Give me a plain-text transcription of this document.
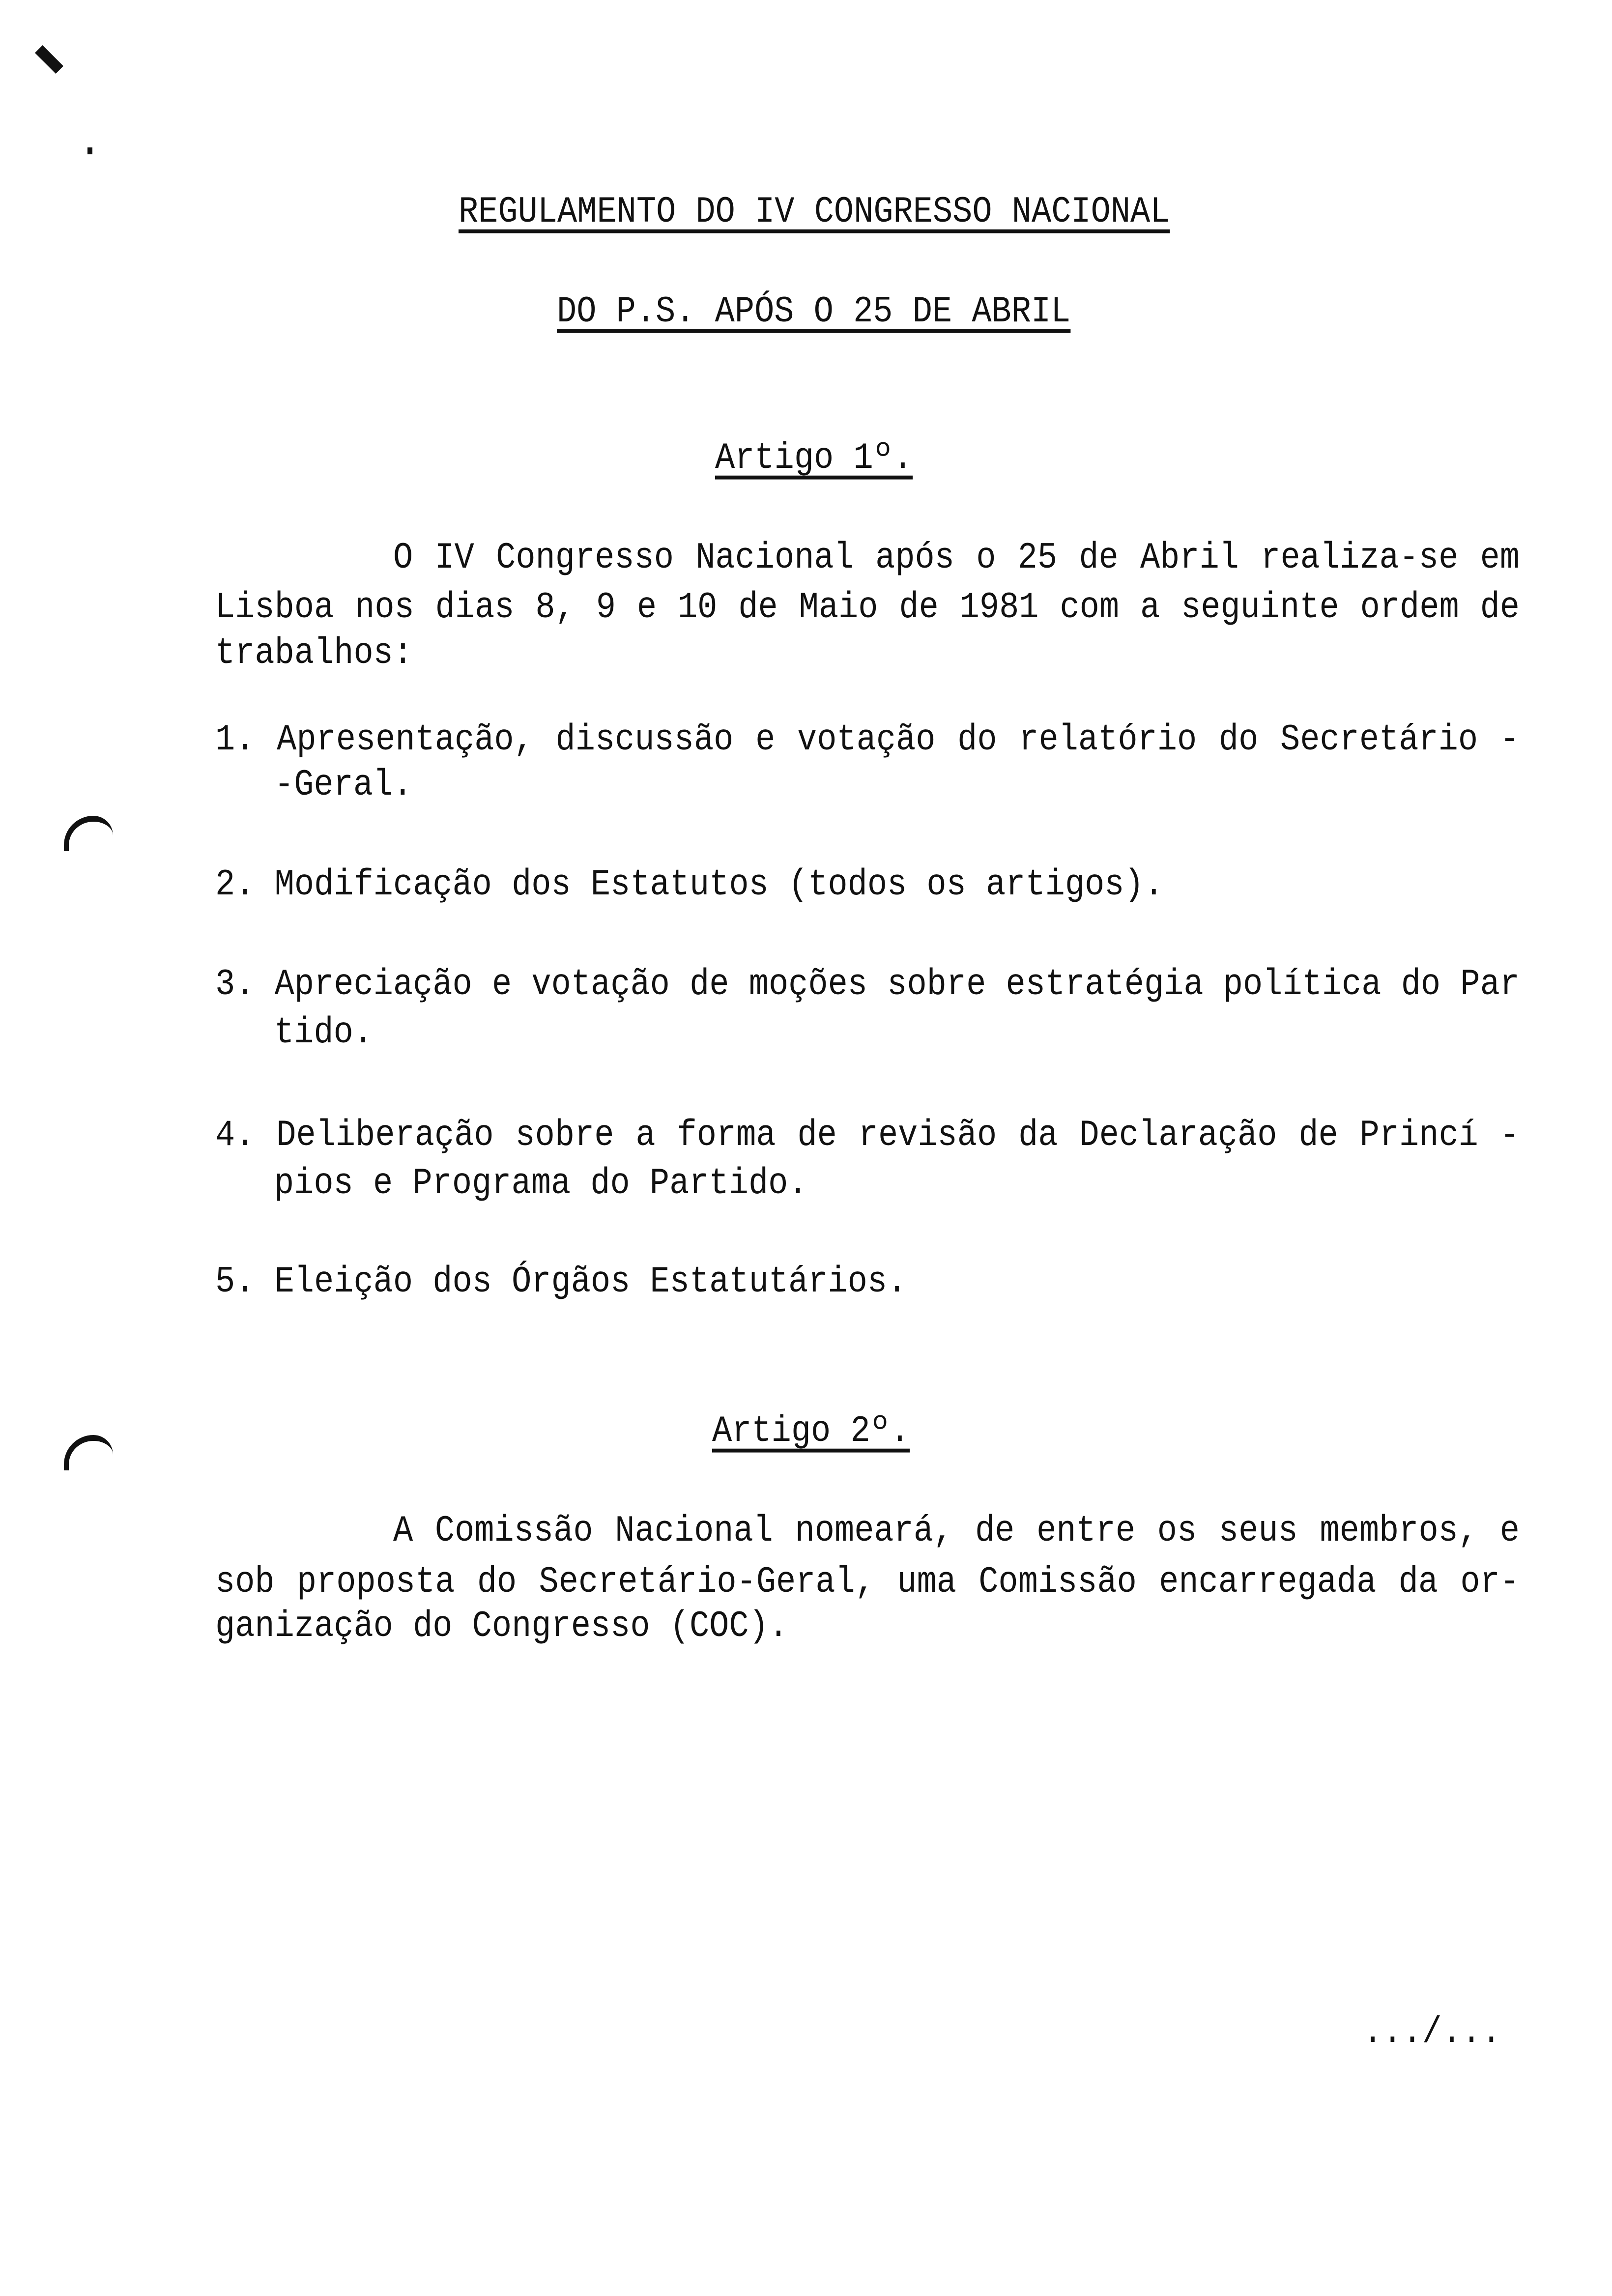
REGULAMENTO DO IV CONGRESSO NACIONAL
DO P.S. APÓS O 25 DE ABRIL
Artigo 1º.
O IV Congresso Nacional após o 25 de Abril realiza-se em
Lisboa nos dias 8, 9 e 10 de Maio de 1981 com a seguinte ordem de
trabalhos:
1. Apresentação, discussão e votação do relatório do Secretário -
-Geral.
2. Modificação dos Estatutos (todos os artigos).
3. Apreciação e votação de moções sobre estratégia política do Par
tido.
4. Deliberação sobre a forma de revisão da Declaração de Princí -
pios e Programa do Partido.
5. Eleição dos Órgãos Estatutários.
Artigo 2º.
A Comissão Nacional nomeará, de entre os seus membros, e
sob proposta do Secretário-Geral, uma Comissão encarregada da or-
ganização do Congresso (COC).
.../...
